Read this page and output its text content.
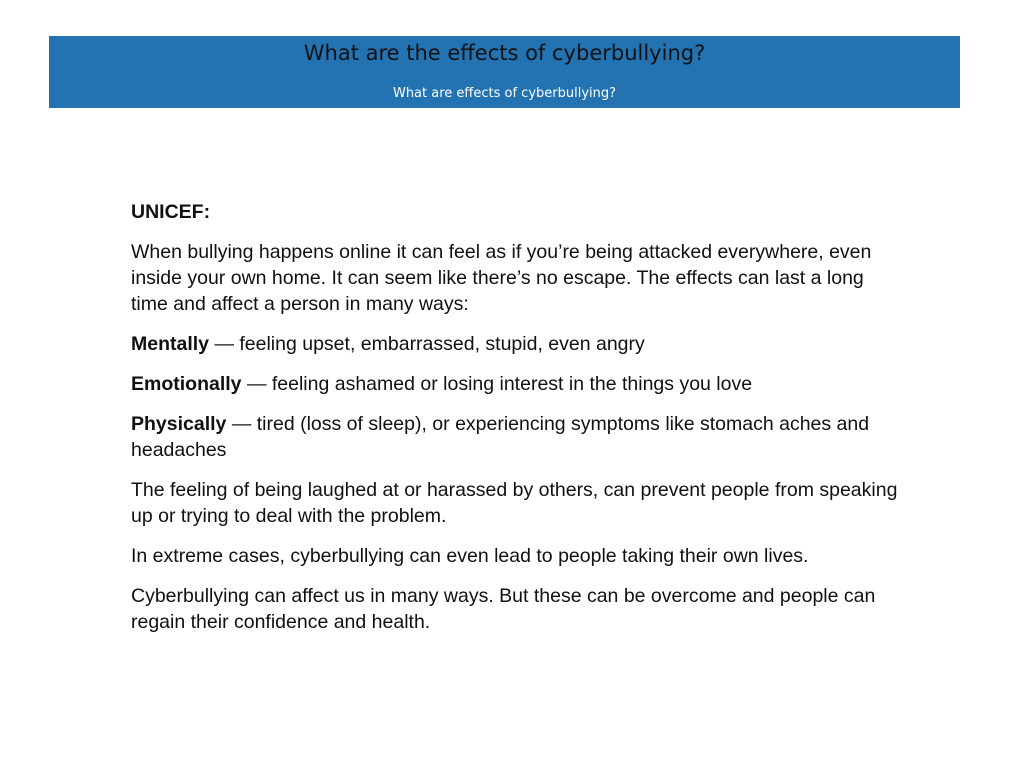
What are the effects of cyberbullying?
What are effects of cyberbullying?

UNICEF:

When bullying happens online it can feel as if you’re being attacked everywhere, even inside your own home. It can seem like there’s no escape. The effects can last a long time and affect a person in many ways:

Mentally — feeling upset, embarrassed, stupid, even angry

Emotionally — feeling ashamed or losing interest in the things you love

Physically — tired (loss of sleep), or experiencing symptoms like stomach aches and headaches

The feeling of being laughed at or harassed by others, can prevent people from speaking up or trying to deal with the problem.

In extreme cases, cyberbullying can even lead to people taking their own lives.

Cyberbullying can affect us in many ways. But these can be overcome and people can regain their confidence and health.
